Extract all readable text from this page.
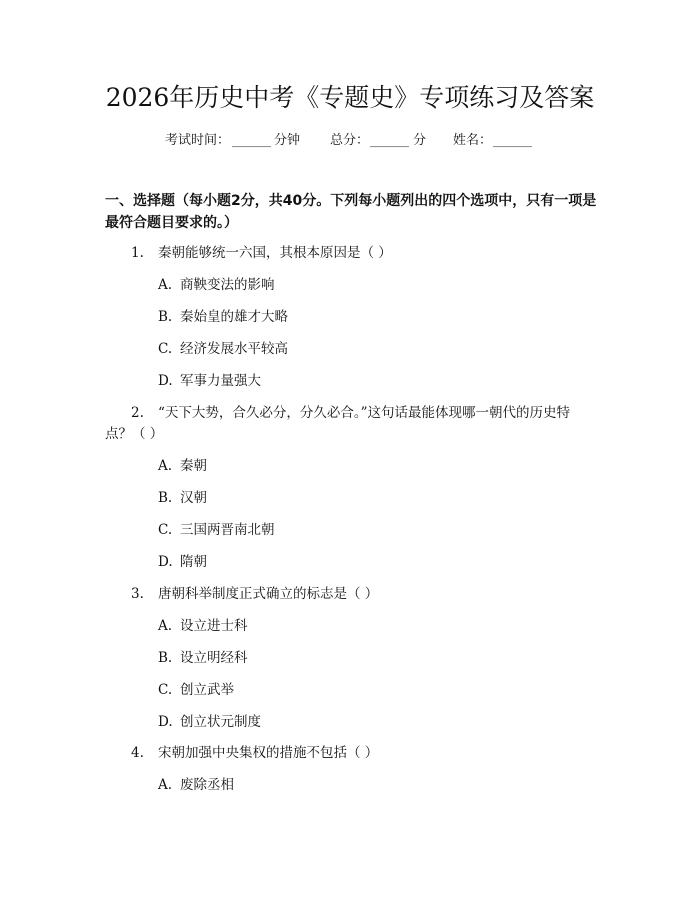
2026年历史中考《专题史》专项练习及答案
考试时间： ______ 分钟 总分： ______ 分 姓名： ______
一、选择题（每小题2分，共40分。下列每小题列出的四个选项中，只有一项是
最符合题目要求的。）
1. 秦朝能够统一六国，其根本原因是（ ）
A. 商鞅变法的影响
B. 秦始皇的雄才大略
C. 经济发展水平较高
D. 军事力量强大
2. “天下大势，合久必分，分久必合。”这句话最能体现哪一朝代的历史特
点？（ ）
A. 秦朝
B. 汉朝
C. 三国两晋南北朝
D. 隋朝
3. 唐朝科举制度正式确立的标志是（ ）
A. 设立进士科
B. 设立明经科
C. 创立武举
D. 创立状元制度
4. 宋朝加强中央集权的措施不包括（ ）
A. 废除丞相
